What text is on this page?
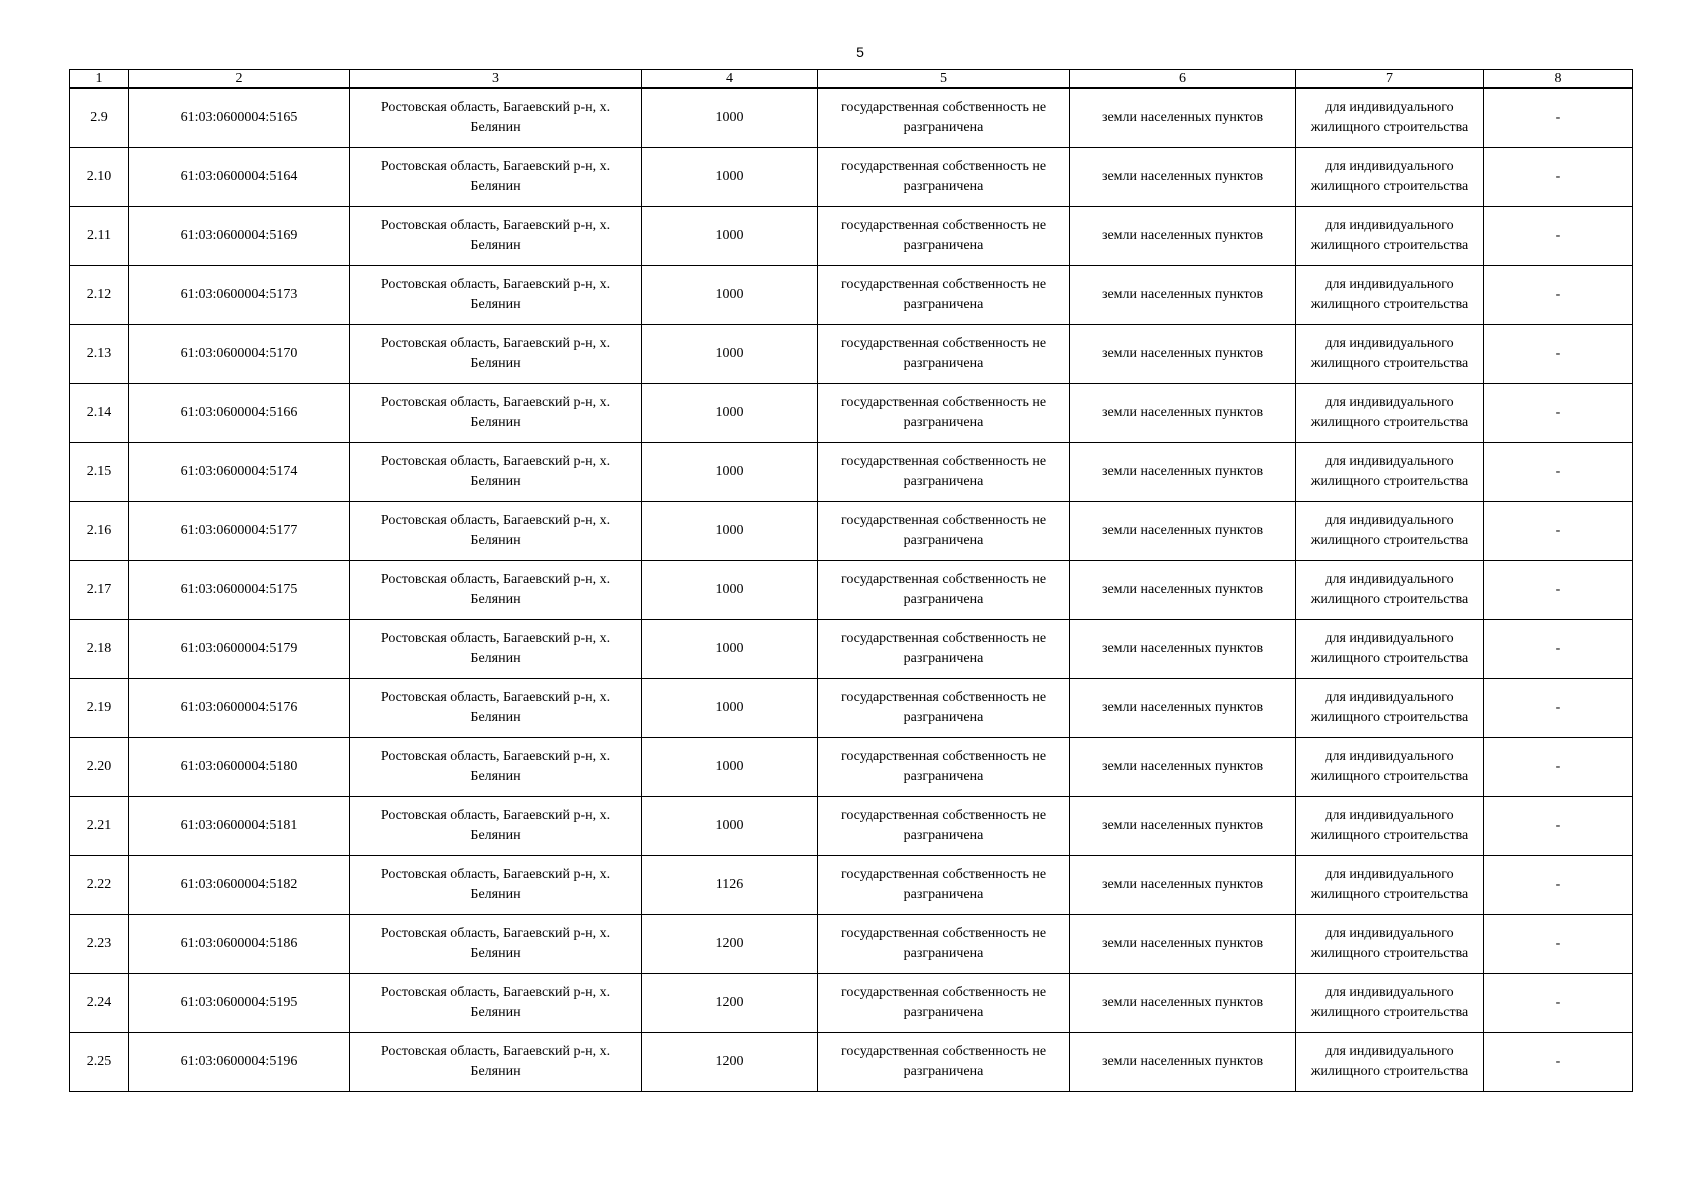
5
1	2	3	4	5	6	7	8
2.9	61:03:0600004:5165	Ростовская область, Багаевский р-н, х. Белянин	1000	государственная собственность не разграничена	земли населенных пунктов	для индивидуального жилищного строительства	-
2.10	61:03:0600004:5164	Ростовская область, Багаевский р-н, х. Белянин	1000	государственная собственность не разграничена	земли населенных пунктов	для индивидуального жилищного строительства	-
2.11	61:03:0600004:5169	Ростовская область, Багаевский р-н, х. Белянин	1000	государственная собственность не разграничена	земли населенных пунктов	для индивидуального жилищного строительства	-
2.12	61:03:0600004:5173	Ростовская область, Багаевский р-н, х. Белянин	1000	государственная собственность не разграничена	земли населенных пунктов	для индивидуального жилищного строительства	-
2.13	61:03:0600004:5170	Ростовская область, Багаевский р-н, х. Белянин	1000	государственная собственность не разграничена	земли населенных пунктов	для индивидуального жилищного строительства	-
2.14	61:03:0600004:5166	Ростовская область, Багаевский р-н, х. Белянин	1000	государственная собственность не разграничена	земли населенных пунктов	для индивидуального жилищного строительства	-
2.15	61:03:0600004:5174	Ростовская область, Багаевский р-н, х. Белянин	1000	государственная собственность не разграничена	земли населенных пунктов	для индивидуального жилищного строительства	-
2.16	61:03:0600004:5177	Ростовская область, Багаевский р-н, х. Белянин	1000	государственная собственность не разграничена	земли населенных пунктов	для индивидуального жилищного строительства	-
2.17	61:03:0600004:5175	Ростовская область, Багаевский р-н, х. Белянин	1000	государственная собственность не разграничена	земли населенных пунктов	для индивидуального жилищного строительства	-
2.18	61:03:0600004:5179	Ростовская область, Багаевский р-н, х. Белянин	1000	государственная собственность не разграничена	земли населенных пунктов	для индивидуального жилищного строительства	-
2.19	61:03:0600004:5176	Ростовская область, Багаевский р-н, х. Белянин	1000	государственная собственность не разграничена	земли населенных пунктов	для индивидуального жилищного строительства	-
2.20	61:03:0600004:5180	Ростовская область, Багаевский р-н, х. Белянин	1000	государственная собственность не разграничена	земли населенных пунктов	для индивидуального жилищного строительства	-
2.21	61:03:0600004:5181	Ростовская область, Багаевский р-н, х. Белянин	1000	государственная собственность не разграничена	земли населенных пунктов	для индивидуального жилищного строительства	-
2.22	61:03:0600004:5182	Ростовская область, Багаевский р-н, х. Белянин	1126	государственная собственность не разграничена	земли населенных пунктов	для индивидуального жилищного строительства	-
2.23	61:03:0600004:5186	Ростовская область, Багаевский р-н, х. Белянин	1200	государственная собственность не разграничена	земли населенных пунктов	для индивидуального жилищного строительства	-
2.24	61:03:0600004:5195	Ростовская область, Багаевский р-н, х. Белянин	1200	государственная собственность не разграничена	земли населенных пунктов	для индивидуального жилищного строительства	-
2.25	61:03:0600004:5196	Ростовская область, Багаевский р-н, х. Белянин	1200	государственная собственность не разграничена	земли населенных пунктов	для индивидуального жилищного строительства	-
